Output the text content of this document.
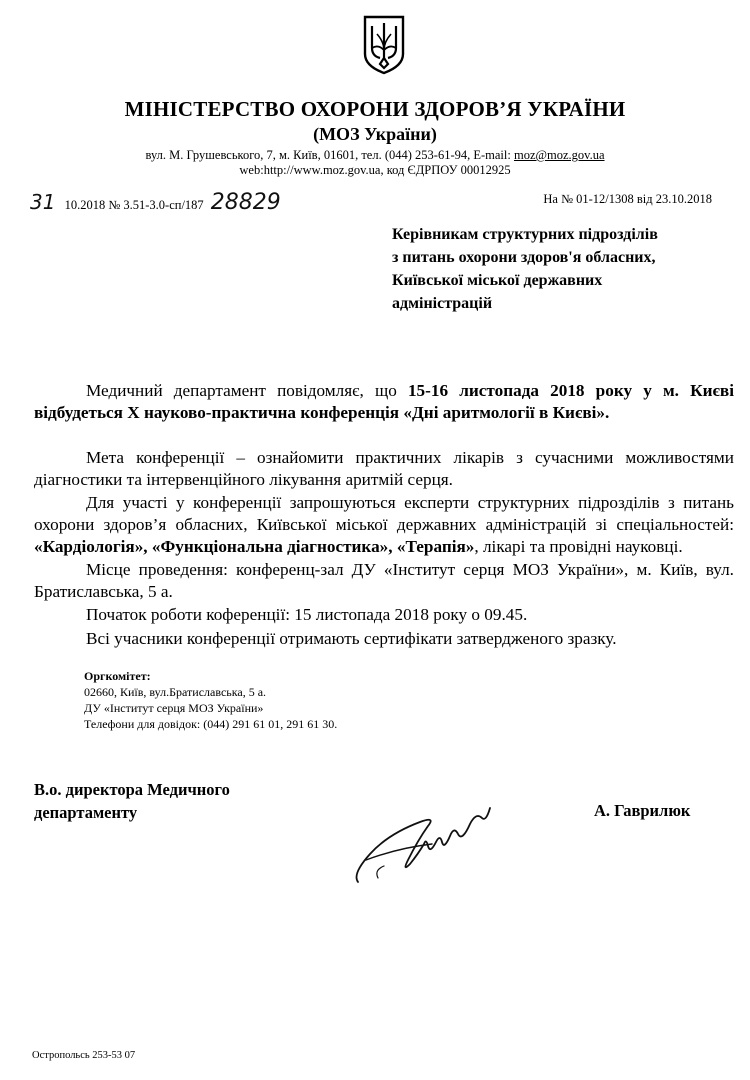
МІНІСТЕРСТВО ОХОРОНИ ЗДОРОВ’Я УКРАЇНИ
(МОЗ України)
вул. М. Грушевського, 7, м. Київ, 01601, тел. (044) 253-61-94, E-mail: moz@moz.gov.ua
web:http://www.moz.gov.ua, код ЄДРПОУ 00012925
31 10.2018 № 3.51-3.0-сп/187 28829	На № 01-12/1308 від 23.10.2018
Керівникам структурних підрозділів
з питань охорони здоров'я обласних,
Київської міської державних
адміністрацій
Медичний департамент повідомляє, що 15-16 листопада 2018 року у м. Києві відбудеться Х науково-практична конференція «Дні аритмології в Києві».
Мета конференції – ознайомити практичних лікарів з сучасними можливостями діагностики та інтервенційного лікування аритмій серця.
Для участі у конференції запрошуються експерти структурних підрозділів з питань охорони здоров’я обласних, Київської міської державних адміністрацій зі спеціальностей: «Кардіологія», «Функціональна діагностика», «Терапія», лікарі та провідні науковці.
Місце проведення: конференц-зал ДУ «Інститут серця МОЗ України», м. Київ, вул. Братиславська, 5 а.
Початок роботи коференції: 15 листопада 2018 року о 09.45.
Всі учасники конференції отримають сертифікати затвердженого зразку.
Оргкомітет:
02660, Київ, вул.Братиславська, 5 а.
ДУ «Інститут серця МОЗ України»
Телефони для довідок: (044) 291 61 01, 291 61 30.
В.о. директора Медичного
департаменту	А. Гаврилюк
Остропольсь 253-53 07
